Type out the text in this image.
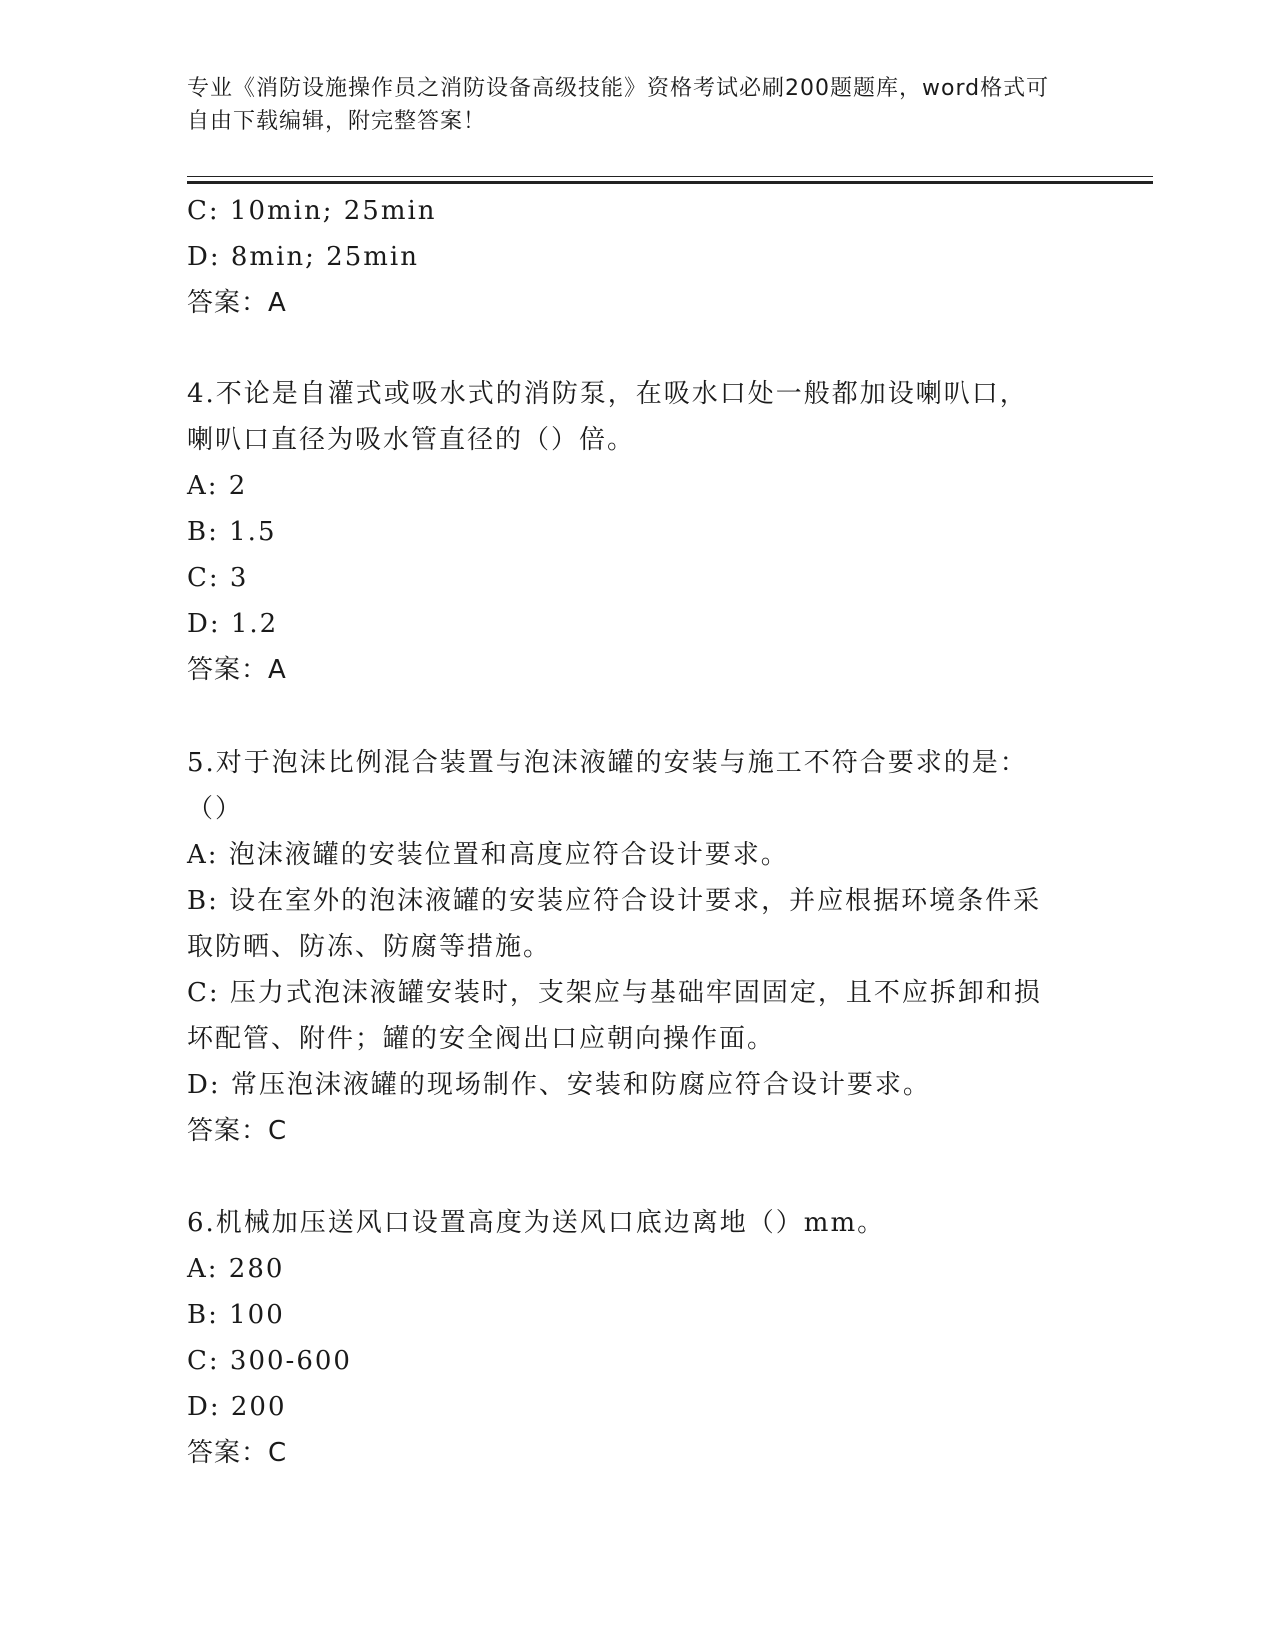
专业《消防设施操作员之消防设备高级技能》资格考试必刷200题题库，word格式可自由下载编辑，附完整答案！
C: 10min; 25min
D: 8min; 25min
答案：A
4.不论是自灌式或吸水式的消防泵，在吸水口处一般都加设喇叭口，
喇叭口直径为吸水管直径的（）倍。
A: 2
B: 1.5
C: 3
D: 1.2
答案：A
5.对于泡沫比例混合装置与泡沫液罐的安装与施工不符合要求的是：
（）
A: 泡沫液罐的安装位置和高度应符合设计要求。
B: 设在室外的泡沫液罐的安装应符合设计要求，并应根据环境条件采
取防晒、防冻、防腐等措施。
C: 压力式泡沫液罐安装时，支架应与基础牢固固定，且不应拆卸和损
坏配管、附件；罐的安全阀出口应朝向操作面。
D: 常压泡沫液罐的现场制作、安装和防腐应符合设计要求。
答案：C
6.机械加压送风口设置高度为送风口底边离地（）mm。
A: 280
B: 100
C: 300-600
D: 200
答案：C
